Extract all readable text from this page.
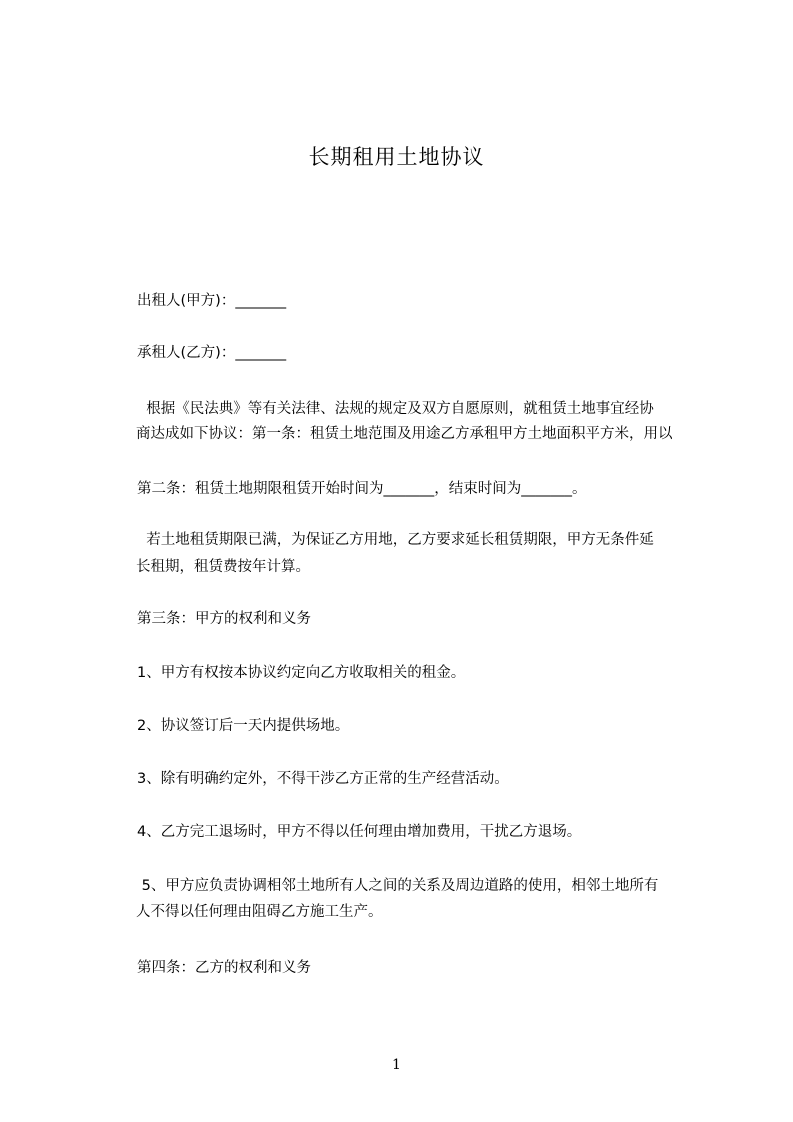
长期租用土地协议
出租人(甲方)：_______
承租人(乙方)：_______
根据《民法典》等有关法律、法规的规定及双方自愿原则，就租赁土地事宜经协
商达成如下协议：第一条：租赁土地范围及用途乙方承租甲方土地面积平方米，用以
第二条：租赁土地期限租赁开始时间为_______，结束时间为_______。
若土地租赁期限已满，为保证乙方用地，乙方要求延长租赁期限，甲方无条件延
长租期，租赁费按年计算。
第三条：甲方的权利和义务
1、甲方有权按本协议约定向乙方收取相关的租金。
2、协议签订后一天内提供场地。
3、除有明确约定外，不得干涉乙方正常的生产经营活动。
4、乙方完工退场时，甲方不得以任何理由增加费用，干扰乙方退场。
5、甲方应负责协调相邻土地所有人之间的关系及周边道路的使用，相邻土地所有
人不得以任何理由阻碍乙方施工生产。
第四条：乙方的权利和义务
1
